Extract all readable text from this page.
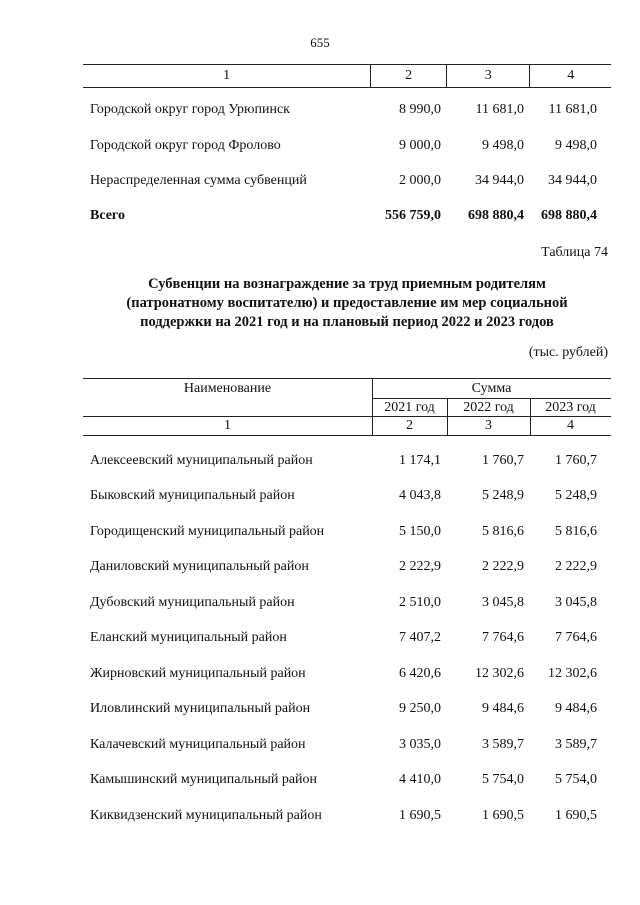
655
1	2	3	4
Городской округ город Урюпинск	8 990,0	11 681,0	11 681,0
Городской округ город Фролово	9 000,0	9 498,0	9 498,0
Нераспределенная сумма субвенций	2 000,0	34 944,0	34 944,0
Всего	556 759,0	698 880,4	698 880,4
Таблица 74
Субвенции на вознаграждение за труд приемным родителям
(патронатному воспитателю) и предоставление им мер социальной
поддержки на 2021 год и на плановый период 2022 и 2023 годов
(тыс. рублей)
Наименование	Сумма
2021 год	2022 год	2023 год
1	2	3	4
Алексеевский муниципальный район	1 174,1	1 760,7	1 760,7
Быковский муниципальный район	4 043,8	5 248,9	5 248,9
Городищенский муниципальный район	5 150,0	5 816,6	5 816,6
Даниловский муниципальный район	2 222,9	2 222,9	2 222,9
Дубовский муниципальный район	2 510,0	3 045,8	3 045,8
Еланский муниципальный район	7 407,2	7 764,6	7 764,6
Жирновский муниципальный район	6 420,6	12 302,6	12 302,6
Иловлинский муниципальный район	9 250,0	9 484,6	9 484,6
Калачевский муниципальный район	3 035,0	3 589,7	3 589,7
Камышинский муниципальный район	4 410,0	5 754,0	5 754,0
Киквидзенский муниципальный район	1 690,5	1 690,5	1 690,5
